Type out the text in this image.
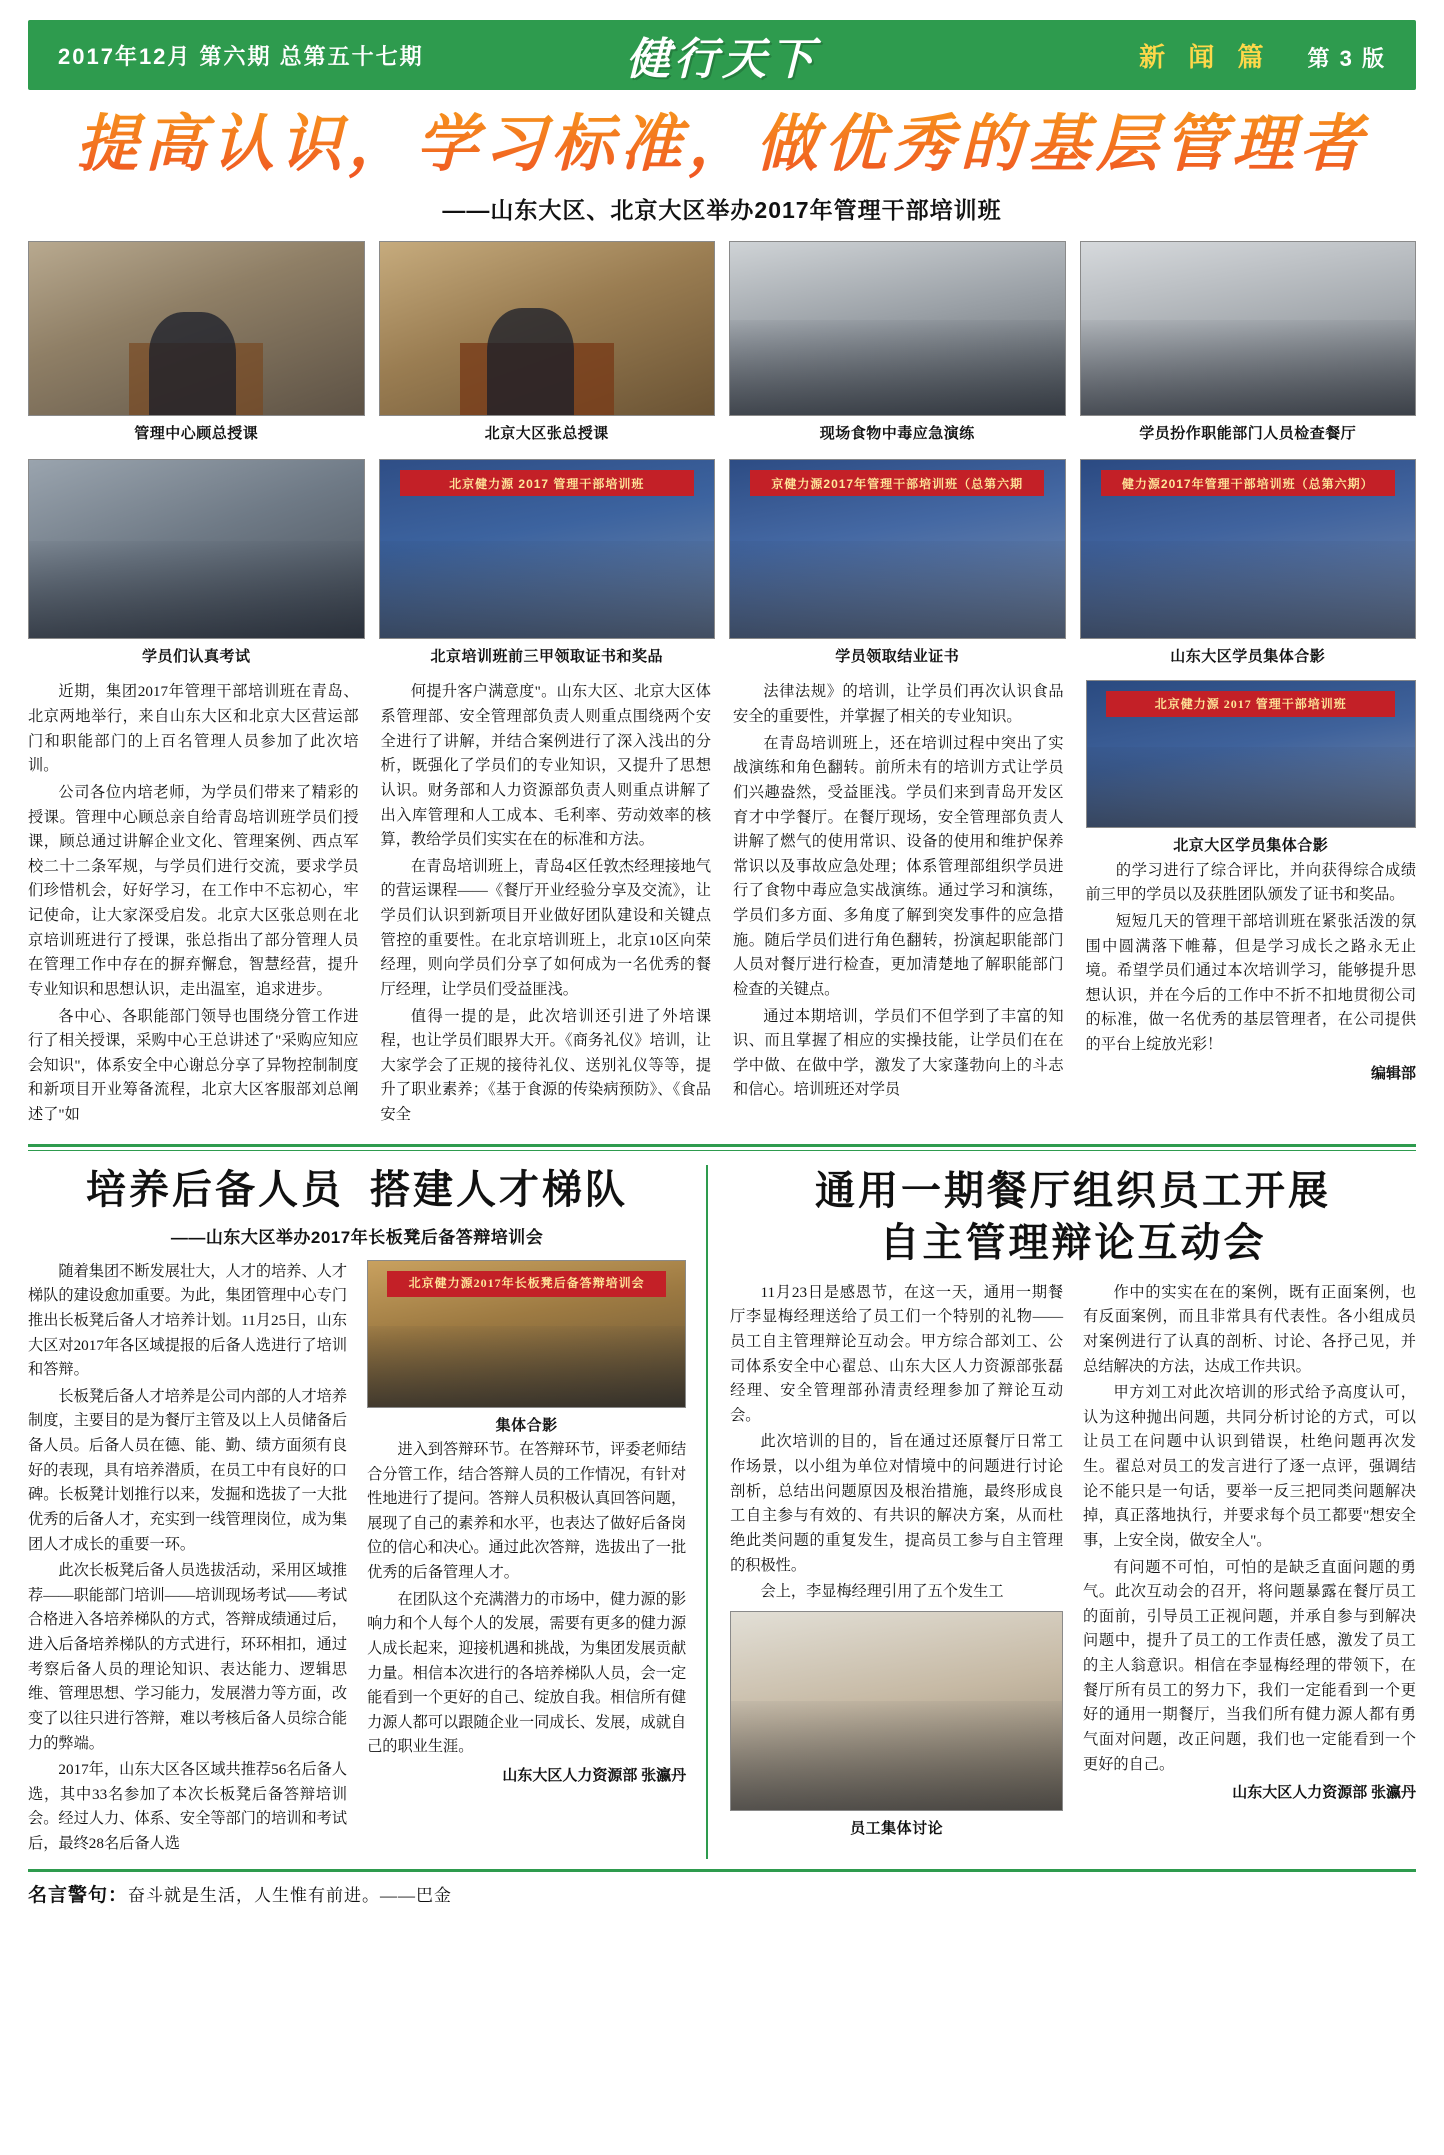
2017年12月 第六期 总第五十七期	健行天下	新 闻 篇 第 3 版
提高认识，学习标准，做优秀的基层管理者
——山东大区、北京大区举办2017年管理干部培训班
管理中心顾总授课	北京大区张总授课	现场食物中毒应急演练	学员扮作职能部门人员检查餐厅
学员们认真考试
北京健力源 2017 管理干部培训班
北京培训班前三甲领取证书和奖品
京健力源2017年管理干部培训班（总第六期
学员领取结业证书
健力源2017年管理干部培训班（总第六期）
山东大区学员集体合影

近期，集团2017年管理干部培训班在青岛、北京两地举行，来自山东大区和北京大区营运部门和职能部门的上百名管理人员参加了此次培训。

公司各位内培老师，为学员们带来了精彩的授课。管理中心顾总亲自给青岛培训班学员们授课，顾总通过讲解企业文化、管理案例、西点军校二十二条军规，与学员们进行交流，要求学员们珍惜机会，好好学习，在工作中不忘初心，牢记使命，让大家深受启发。北京大区张总则在北京培训班进行了授课，张总指出了部分管理人员在管理工作中存在的摒弃懈怠，智慧经营，提升专业知识和思想认识，走出温室，追求进步。

各中心、各职能部门领导也围绕分管工作进行了相关授课，采购中心王总讲述了"采购应知应会知识"，体系安全中心谢总分享了异物控制制度和新项目开业筹备流程，北京大区客服部刘总阐述了"如

何提升客户满意度"。山东大区、北京大区体系管理部、安全管理部负责人则重点围绕两个安全进行了讲解，并结合案例进行了深入浅出的分析，既强化了学员们的专业知识，又提升了思想认识。财务部和人力资源部负责人则重点讲解了出入库管理和人工成本、毛利率、劳动效率的核算，教给学员们实实在在的标准和方法。

在青岛培训班上，青岛4区任敦杰经理接地气的营运课程——《餐厅开业经验分享及交流》，让学员们认识到新项目开业做好团队建设和关键点管控的重要性。在北京培训班上，北京10区向荣经理，则向学员们分享了如何成为一名优秀的餐厅经理，让学员们受益匪浅。

值得一提的是，此次培训还引进了外培课程，也让学员们眼界大开。《商务礼仪》培训，让大家学会了正规的接待礼仪、送别礼仪等等，提升了职业素养；《基于食源的传染病预防》、《食品安全

法律法规》的培训，让学员们再次认识食品安全的重要性，并掌握了相关的专业知识。

在青岛培训班上，还在培训过程中突出了实战演练和角色翻转。前所未有的培训方式让学员们兴趣盎然，受益匪浅。学员们来到青岛开发区育才中学餐厅。在餐厅现场，安全管理部负责人讲解了燃气的使用常识、设备的使用和维护保养常识以及事故应急处理；体系管理部组织学员进行了食物中毒应急实战演练。通过学习和演练，学员们多方面、多角度了解到突发事件的应急措施。随后学员们进行角色翻转，扮演起职能部门人员对餐厅进行检查，更加清楚地了解职能部门检查的关键点。

通过本期培训，学员们不但学到了丰富的知识、而且掌握了相应的实操技能，让学员们在在学中做、在做中学，激发了大家蓬勃向上的斗志和信心。培训班还对学员

北京健力源 2017 管理干部培训班
北京大区学员集体合影

的学习进行了综合评比，并向获得综合成绩前三甲的学员以及获胜团队颁发了证书和奖品。

短短几天的管理干部培训班在紧张活泼的氛围中圆满落下帷幕，但是学习成长之路永无止境。希望学员们通过本次培训学习，能够提升思想认识，并在今后的工作中不折不扣地贯彻公司的标准，做一名优秀的基层管理者，在公司提供的平台上绽放光彩！

编辑部
培养后备人员 搭建人才梯队
——山东大区举办2017年长板凳后备答辩培训会

随着集团不断发展壮大，人才的培养、人才梯队的建设愈加重要。为此，集团管理中心专门推出长板凳后备人才培养计划。11月25日，山东大区对2017年各区域提报的后备人选进行了培训和答辩。

长板凳后备人才培养是公司内部的人才培养制度，主要目的是为餐厅主管及以上人员储备后备人员。后备人员在德、能、勤、绩方面须有良好的表现，具有培养潜质，在员工中有良好的口碑。长板凳计划推行以来，发掘和选拔了一大批优秀的后备人才，充实到一线管理岗位，成为集团人才成长的重要一环。

此次长板凳后备人员选拔活动，采用区域推荐——职能部门培训——培训现场考试——考试合格进入各培养梯队的方式，答辩成绩通过后，进入后备培养梯队的方式进行，环环相扣，通过考察后备人员的理论知识、表达能力、逻辑思维、管理思想、学习能力，发展潜力等方面，改变了以往只进行答辩，难以考核后备人员综合能力的弊端。

2017年，山东大区各区域共推荐56名后备人选，其中33名参加了本次长板凳后备答辩培训会。经过人力、体系、安全等部门的培训和考试后，最终28名后备人选

北京健力源2017年长板凳后备答辩培训会
集体合影

进入到答辩环节。在答辩环节，评委老师结合分管工作，结合答辩人员的工作情况，有针对性地进行了提问。答辩人员积极认真回答问题，展现了自己的素养和水平，也表达了做好后备岗位的信心和决心。通过此次答辩，选拔出了一批优秀的后备管理人才。

在团队这个充满潜力的市场中，健力源的影响力和个人每个人的发展，需要有更多的健力源人成长起来，迎接机遇和挑战，为集团发展贡献力量。相信本次进行的各培养梯队人员，会一定能看到一个更好的自己、绽放自我。相信所有健力源人都可以跟随企业一同成长、发展，成就自己的职业生涯。

山东大区人力资源部 张瀛丹
通用一期餐厅组织员工开展
自主管理辩论互动会

11月23日是感恩节，在这一天，通用一期餐厅李显梅经理送给了员工们一个特别的礼物——员工自主管理辩论互动会。甲方综合部刘工、公司体系安全中心翟总、山东大区人力资源部张磊经理、安全管理部孙清责经理参加了辩论互动会。

此次培训的目的，旨在通过还原餐厅日常工作场景，以小组为单位对情境中的问题进行讨论剖析，总结出问题原因及根治措施，最终形成良工自主参与有效的、有共识的解决方案，从而杜绝此类问题的重复发生，提高员工参与自主管理的积极性。

会上，李显梅经理引用了五个发生工

员工集体讨论

作中的实实在在的案例，既有正面案例，也有反面案例，而且非常具有代表性。各小组成员对案例进行了认真的剖析、讨论、各抒己见，并总结解决的方法，达成工作共识。

甲方刘工对此次培训的形式给予高度认可，认为这种抛出问题，共同分析讨论的方式，可以让员工在问题中认识到错误，杜绝问题再次发生。翟总对员工的发言进行了逐一点评，强调结论不能只是一句话，要举一反三把同类问题解决掉，真正落地执行，并要求每个员工都要"想安全事，上安全岗，做安全人"。

有问题不可怕，可怕的是缺乏直面问题的勇气。此次互动会的召开，将问题暴露在餐厅员工的面前，引导员工正视问题，并承自参与到解决问题中，提升了员工的工作责任感，激发了员工的主人翁意识。相信在李显梅经理的带领下，在餐厅所有员工的努力下，我们一定能看到一个更好的通用一期餐厅，当我们所有健力源人都有勇气面对问题，改正问题，我们也一定能看到一个更好的自己。

山东大区人力资源部 张瀛丹
名言警句：奋斗就是生活，人生惟有前进。——巴金
